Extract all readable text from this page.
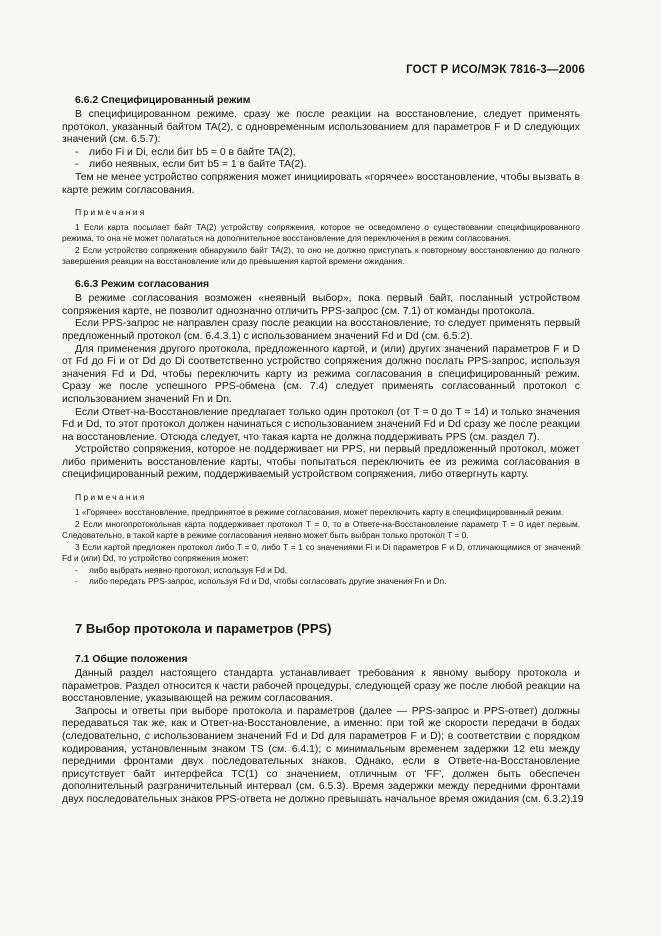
ГОСТ Р ИСО/МЭК 7816-3—2006
6.6.2 Специфицированный режим

В специфицированном режиме, сразу же после реакции на восстановление, следует применять протокол, указанный байтом TA(2), с одновременным использованием для параметров F и D следующих значений (см. 6.5.7):

- либо Fi и Di, если бит b5 = 0 в байте TA(2),
- либо неявных, если бит b5 = 1 в байте TA(2).

Тем не менее устройство сопряжения может инициировать «горячее» восстановление, чтобы вызвать в карте режим согласования.

Примечания

1 Если карта посылает байт TA(2) устройству сопряжения, которое не осведомлено о существовании специфицированного режима, то она не может полагаться на дополнительное восстановление для переключения в режим согласования.

2 Если устройство сопряжения обнаружило байт TA(2), то оно не должно приступать к повторному восстановлению до полного завершения реакции на восстановление или до превышения картой времени ожидания.

6.6.3 Режим согласования

В режиме согласования возможен «неявный выбор», пока первый байт, посланный устройством сопряжения карте, не позволит однозначно отличить PPS-запрос (см. 7.1) от команды протокола.

Если PPS-запрос не направлен сразу после реакции на восстановление, то следует применять первый предложенный протокол (см. 6.4.3.1) с использованием значений Fd и Dd (см. 6.5.2).

Для применения другого протокола, предложенного картой, и (или) других значений параметров F и D от Fd до Fi и от Dd до Di соответственно устройство сопряжения должно послать PPS-запрос, используя значения Fd и Dd, чтобы переключить карту из режима согласования в специфицированный режим. Сразу же после успешного PPS-обмена (см. 7.4) следует применять согласованный протокол с использованием значений Fn и Dn.

Если Ответ-на-Восстановление предлагает только один протокол (от T = 0 до T = 14) и только значения Fd и Dd, то этот протокол должен начинаться с использованием значений Fd и Dd сразу же после реакции на восстановление. Отсюда следует, что такая карта не должна поддерживать PPS (см. раздел 7).

Устройство сопряжения, которое не поддерживает ни PPS, ни первый предложенный протокол, может либо применить восстановление карты, чтобы попытаться переключить ее из режима согласования в специфицированный режим, поддерживаемый устройством сопряжения, либо отвергнуть карту.

Примечания

1 «Горячее» восстановление, предпринятое в режиме согласования, может переключить карту в специфицированный режим.

2 Если многопротокольная карта поддерживает протокол T = 0, то в Ответе-на-Восстановление параметр T = 0 идет первым. Следовательно, в такой карте в режиме согласования неявно может быть выбран только протокол T = 0.

3 Если картой предложен протокол либо T = 0, либо T = 1 со значениями Fi и Di параметров F и D, отличающимися от значений Fd и (или) Dd, то устройство сопряжения может:

- либо выбрать неявно протокол, используя Fd и Dd,
- либо передать PPS-запрос, используя Fd и Dd, чтобы согласовать другие значения Fn и Dn.
7 Выбор протокола и параметров (PPS)
7.1 Общие положения

Данный раздел настоящего стандарта устанавливает требования к явному выбору протокола и параметров. Раздел относится к части рабочей процедуры, следующей сразу же после любой реакции на восстановление, указывающей на режим согласования.

Запросы и ответы при выборе протокола и параметров (далее — PPS-запрос и PPS-ответ) должны передаваться так же, как и Ответ-на-Восстановление, а именно: при той же скорости передачи в бодах (следовательно, с использованием значений Fd и Dd для параметров F и D); в соответствии с порядком кодирования, установленным знаком TS (см. 6.4.1); с минимальным временем задержки 12 etu между передними фронтами двух последовательных знаков. Однако, если в Ответе-на-Восстановление присутствует байт интерфейса TC(1) со значением, отличным от 'FF', должен быть обеспечен дополнительный разграничительный интервал (см. 6.5.3). Время задержки между передними фронтами двух последовательных знаков PPS-ответа не должно превышать начальное время ожидания (см. 6.3.2).

19
